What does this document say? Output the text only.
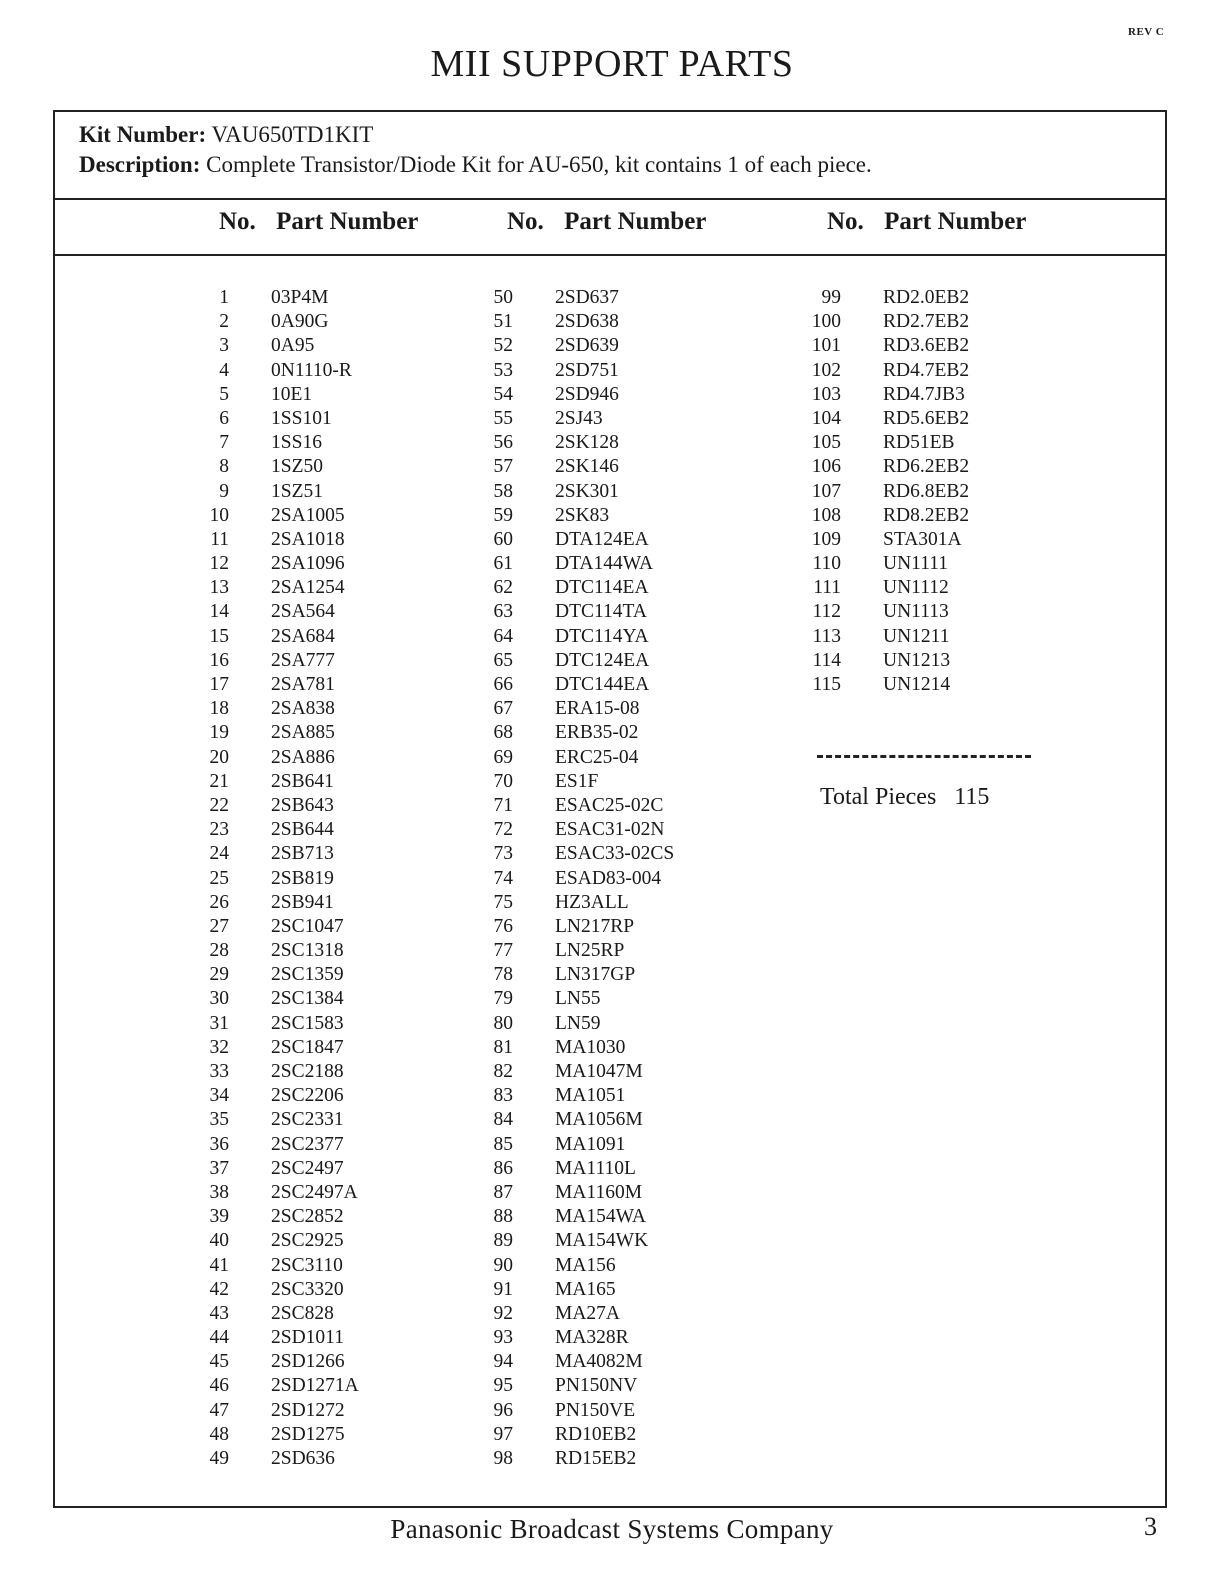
REV C
MII SUPPORT PARTS
Kit Number: VAU650TD1KIT
Description: Complete Transistor/Diode Kit for AU-650, kit contains 1 of each piece.
No. Part Number	No. Part Number	No. Part Number
1 03P4M
2 0A90G
3 0A95
4 0N1110-R
5 10E1
6 1SS101
7 1SS16
8 1SZ50
9 1SZ51
10 2SA1005
11 2SA1018
12 2SA1096
13 2SA1254
14 2SA564
15 2SA684
16 2SA777
17 2SA781
18 2SA838
19 2SA885
20 2SA886
21 2SB641
22 2SB643
23 2SB644
24 2SB713
25 2SB819
26 2SB941
27 2SC1047
28 2SC1318
29 2SC1359
30 2SC1384
31 2SC1583
32 2SC1847
33 2SC2188
34 2SC2206
35 2SC2331
36 2SC2377
37 2SC2497
38 2SC2497A
39 2SC2852
40 2SC2925
41 2SC3110
42 2SC3320
43 2SC828
44 2SD1011
45 2SD1266
46 2SD1271A
47 2SD1272
48 2SD1275
49 2SD636
50 2SD637
51 2SD638
52 2SD639
53 2SD751
54 2SD946
55 2SJ43
56 2SK128
57 2SK146
58 2SK301
59 2SK83
60 DTA124EA
61 DTA144WA
62 DTC114EA
63 DTC114TA
64 DTC114YA
65 DTC124EA
66 DTC144EA
67 ERA15-08
68 ERB35-02
69 ERC25-04
70 ES1F
71 ESAC25-02C
72 ESAC31-02N
73 ESAC33-02CS
74 ESAD83-004
75 HZ3ALL
76 LN217RP
77 LN25RP
78 LN317GP
79 LN55
80 LN59
81 MA1030
82 MA1047M
83 MA1051
84 MA1056M
85 MA1091
86 MA1110L
87 MA1160M
88 MA154WA
89 MA154WK
90 MA156
91 MA165
92 MA27A
93 MA328R
94 MA4082M
95 PN150NV
96 PN150VE
97 RD10EB2
98 RD15EB2
99 RD2.0EB2
100 RD2.7EB2
101 RD3.6EB2
102 RD4.7EB2
103 RD4.7JB3
104 RD5.6EB2
105 RD51EB
106 RD6.2EB2
107 RD6.8EB2
108 RD8.2EB2
109 STA301A
110 UN1111
111 UN1112
112 UN1113
113 UN1211
114 UN1213
115 UN1214
Total Pieces 115
Panasonic Broadcast Systems Company	3
